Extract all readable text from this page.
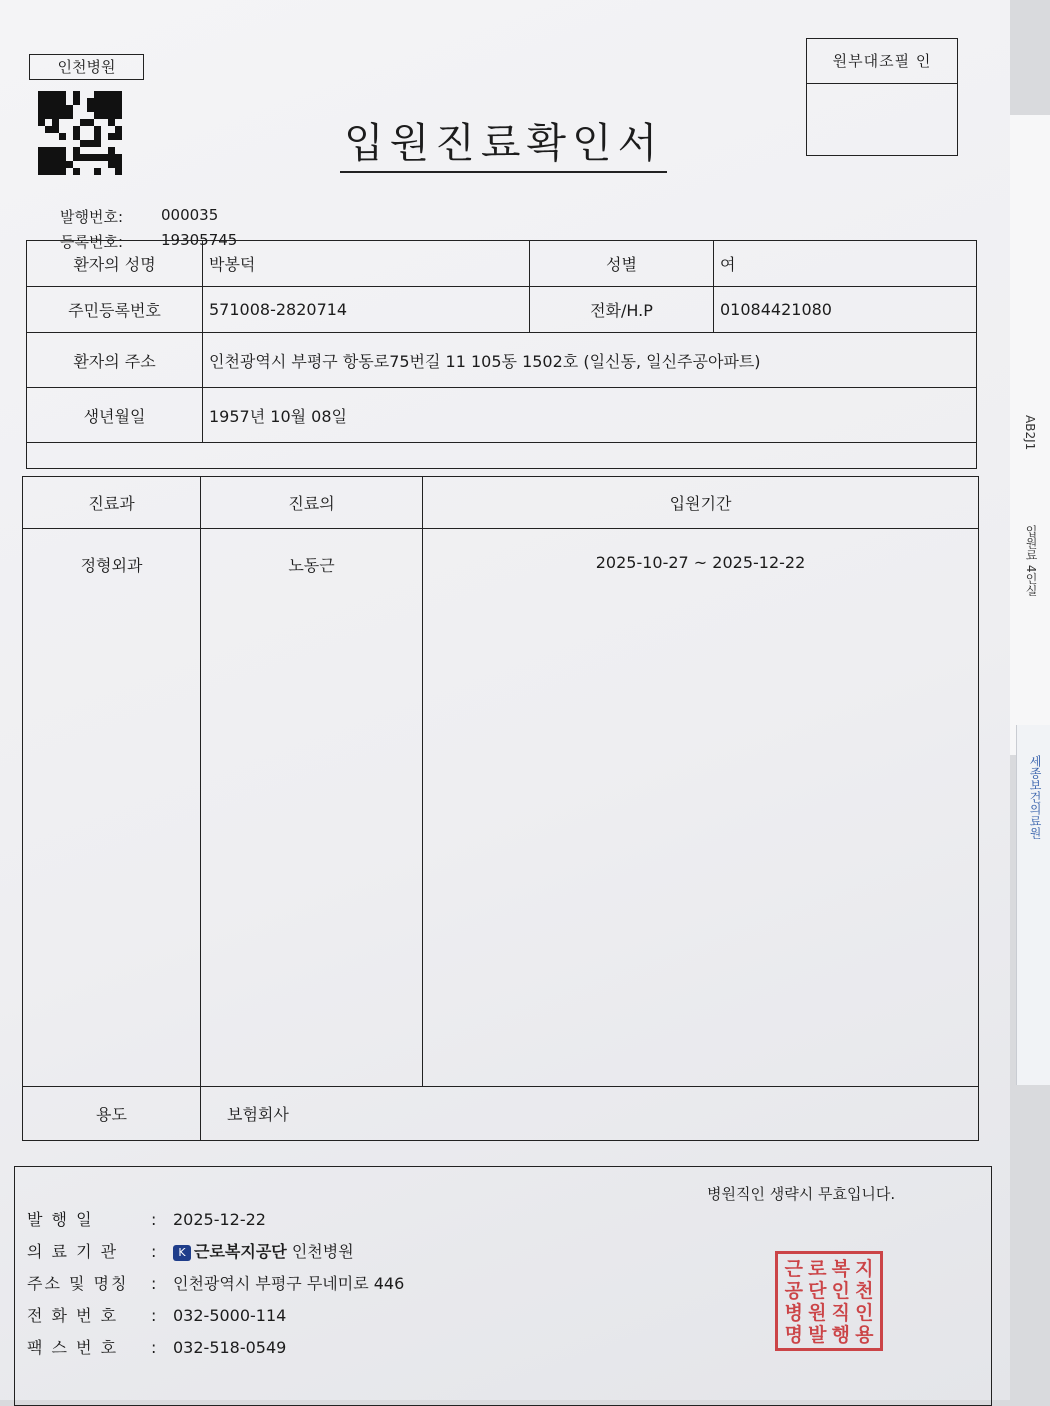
AB2J1
입원료 4인실
세종보건의료원
인천병원
입원진료확인서
원부대조필 인
발행번호:	000035
등록번호:	19305745
환자의 성명	박봉덕	성별	여
주민등록번호	571008-2820714	전화/H.P	01084421080
환자의 주소	인천광역시 부평구 항동로75번길 11 105동 1502호 (일신동, 일신주공아파트)		
생년월일	1957년 10월 08일		

진료과	진료의	입원기간
정형외과	노동근	2025-10-27 ~ 2025-12-22
용도	보험회사	
병원직인 생략시 무효입니다.
발 행 일	: 2025-12-22
의 료 기 관 : K 근로복지공단 인천병원
주소 및 명칭 : 인천광역시 부평구 무네미로 446
전 화 번 호 : 032-5000-114
팩 스 번 호 : 032-518-0549
근 로 복 지
공 단 인 천
병 원 직 인
명 발 행 용
